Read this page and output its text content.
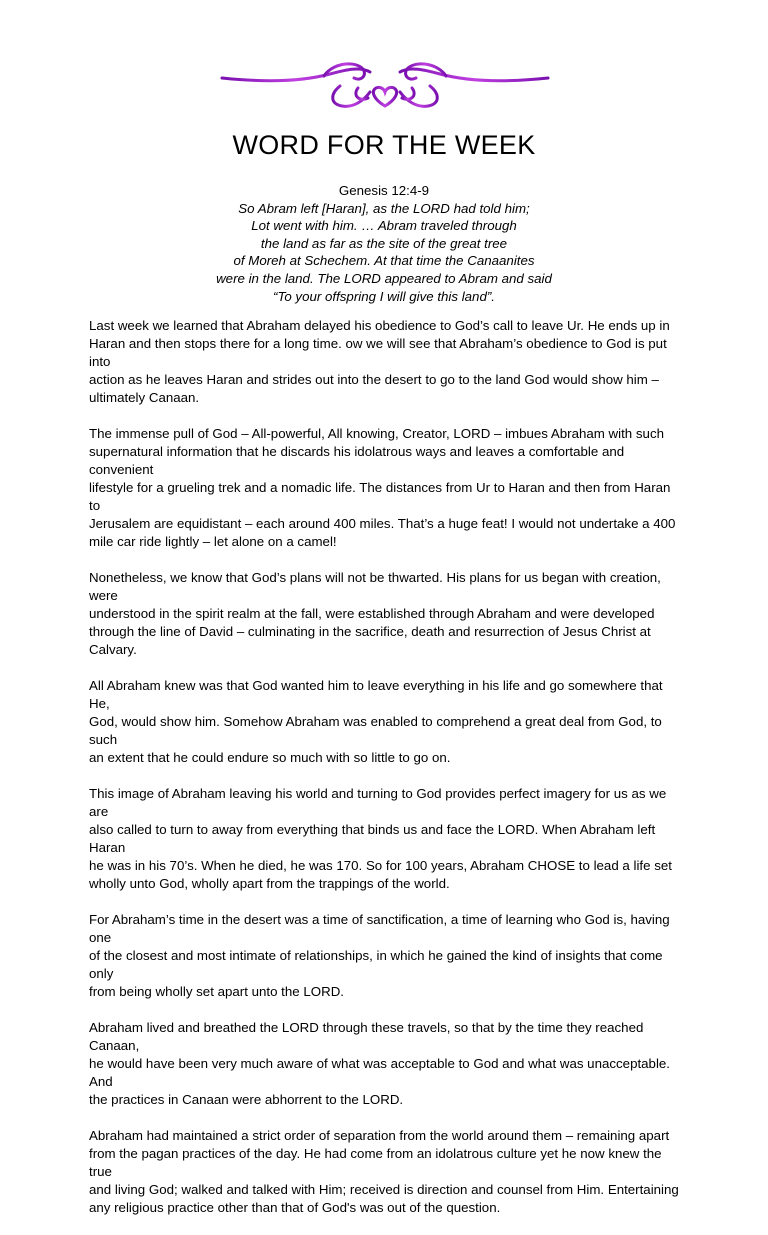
WORD FOR THE WEEK
Genesis 12:4-9
So Abram left [Haran], as the LORD had told him;
Lot went with him. … Abram traveled through
the land as far as the site of the great tree
of Moreh at Schechem. At that time the Canaanites
were in the land. The LORD appeared to Abram and said
“To your offspring I will give this land”.

Last week we learned that Abraham delayed his obedience to God’s call to leave Ur. He ends up in
Haran and then stops there for a long time. ow we will see that Abraham’s obedience to God is put into
action as he leaves Haran and strides out into the desert to go to the land God would show him –
ultimately Canaan.

The immense pull of God – All-powerful, All knowing, Creator, LORD – imbues Abraham with such
supernatural information that he discards his idolatrous ways and leaves a comfortable and convenient
lifestyle for a grueling trek and a nomadic life. The distances from Ur to Haran and then from Haran to
Jerusalem are equidistant – each around 400 miles. That’s a huge feat! I would not undertake a 400
mile car ride lightly – let alone on a camel!

Nonetheless, we know that God’s plans will not be thwarted. His plans for us began with creation, were
understood in the spirit realm at the fall, were established through Abraham and were developed
through the line of David – culminating in the sacrifice, death and resurrection of Jesus Christ at Calvary.

All Abraham knew was that God wanted him to leave everything in his life and go somewhere that He,
God, would show him. Somehow Abraham was enabled to comprehend a great deal from God, to such
an extent that he could endure so much with so little to go on.

This image of Abraham leaving his world and turning to God provides perfect imagery for us as we are
also called to turn to away from everything that binds us and face the LORD. When Abraham left Haran
he was in his 70’s. When he died, he was 170. So for 100 years, Abraham CHOSE to lead a life set
wholly unto God, wholly apart from the trappings of the world.

For Abraham’s time in the desert was a time of sanctification, a time of learning who God is, having one
of the closest and most intimate of relationships, in which he gained the kind of insights that come only
from being wholly set apart unto the LORD.

Abraham lived and breathed the LORD through these travels, so that by the time they reached Canaan,
he would have been very much aware of what was acceptable to God and what was unacceptable. And
the practices in Canaan were abhorrent to the LORD.

Abraham had maintained a strict order of separation from the world around them – remaining apart
from the pagan practices of the day. He had come from an idolatrous culture yet he now knew the true
and living God; walked and talked with Him; received is direction and counsel from Him. Entertaining
any religious practice other than that of God's was out of the question.
